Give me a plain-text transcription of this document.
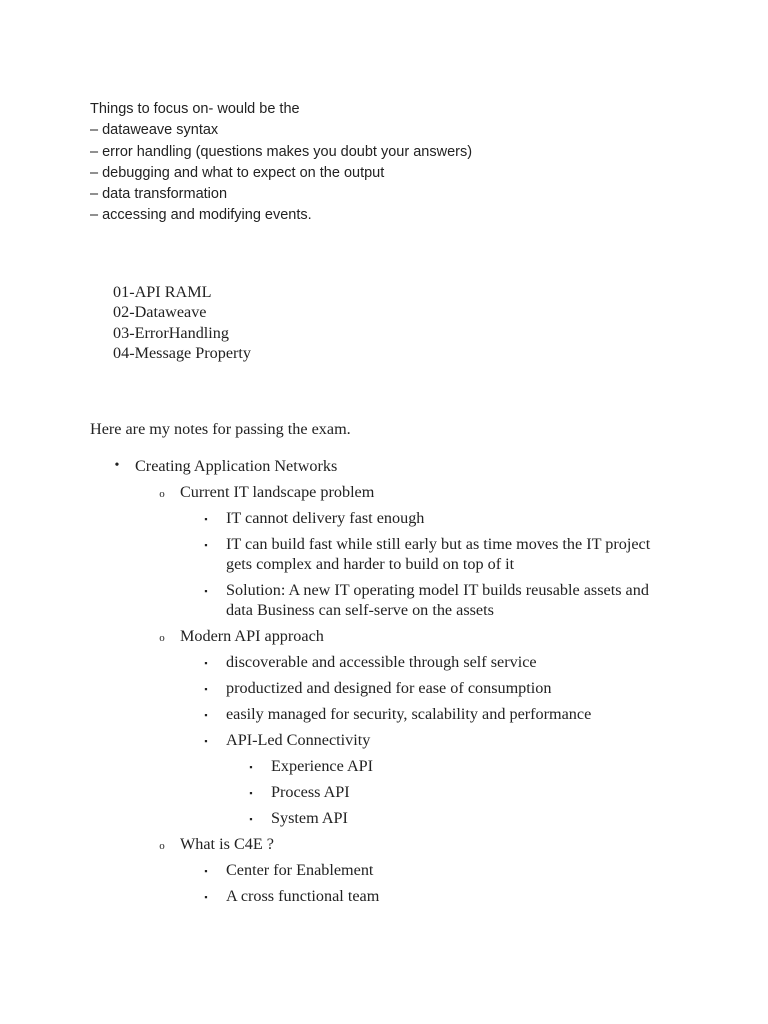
Things to focus on- would be the
– dataweave syntax
– error handling (questions makes you doubt your answers)
– debugging and what to expect on the output
– data transformation
– accessing and modifying events.
01-API RAML
02-Dataweave
03-ErrorHandling
04-Message Property
Here are my notes for passing the exam.
• Creating Application Networks
o Current IT landscape problem
▪	IT cannot delivery fast enough
▪	IT can build fast while still early but as time moves the IT project gets complex and harder to build on top of it
▪	Solution: A new IT operating model IT builds reusable assets and data Business can self-serve on the assets
o Modern API approach
▪	discoverable and accessible through self service
▪	productized and designed for ease of consumption
▪	easily managed for security, scalability and performance
▪	API-Led Connectivity
▪	Experience API
▪	Process API
▪	System API
o What is C4E ?
▪	Center for Enablement
▪	A cross functional team
